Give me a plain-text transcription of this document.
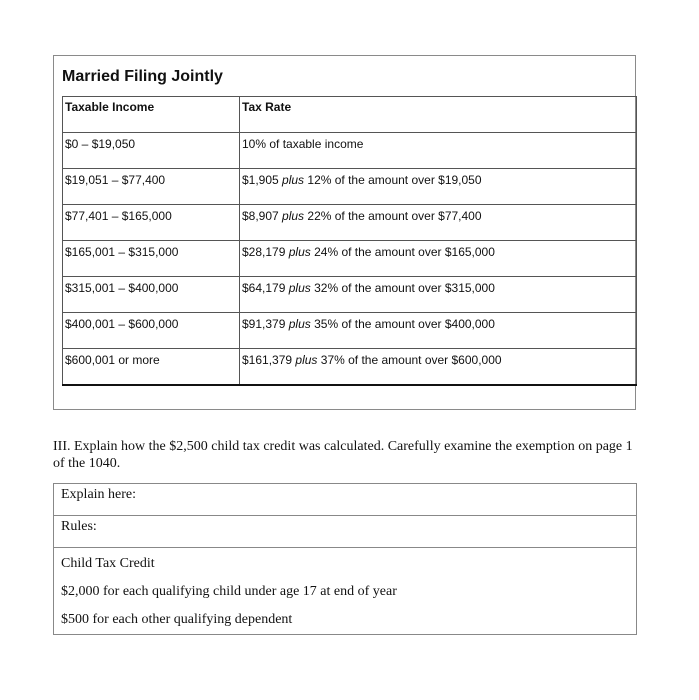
Married Filing Jointly
Taxable Income	Tax Rate
$0 – $19,050	10% of taxable income
$19,051 – $77,400	$1,905 plus 12% of the amount over $19,050
$77,401 – $165,000	$8,907 plus 22% of the amount over $77,400
$165,001 – $315,000	$28,179 plus 24% of the amount over $165,000
$315,001 – $400,000	$64,179 plus 32% of the amount over $315,000
$400,001 – $600,000	$91,379 plus 35% of the amount over $400,000
$600,001 or more	$161,379 plus 37% of the amount over $600,000

III. Explain how the $2,500 child tax credit was calculated. Carefully examine the exemption on page 1 of the 1040.

Explain here:
Rules:

Child Tax Credit
$2,000 for each qualifying child under age 17 at end of year
$500 for each other qualifying dependent
